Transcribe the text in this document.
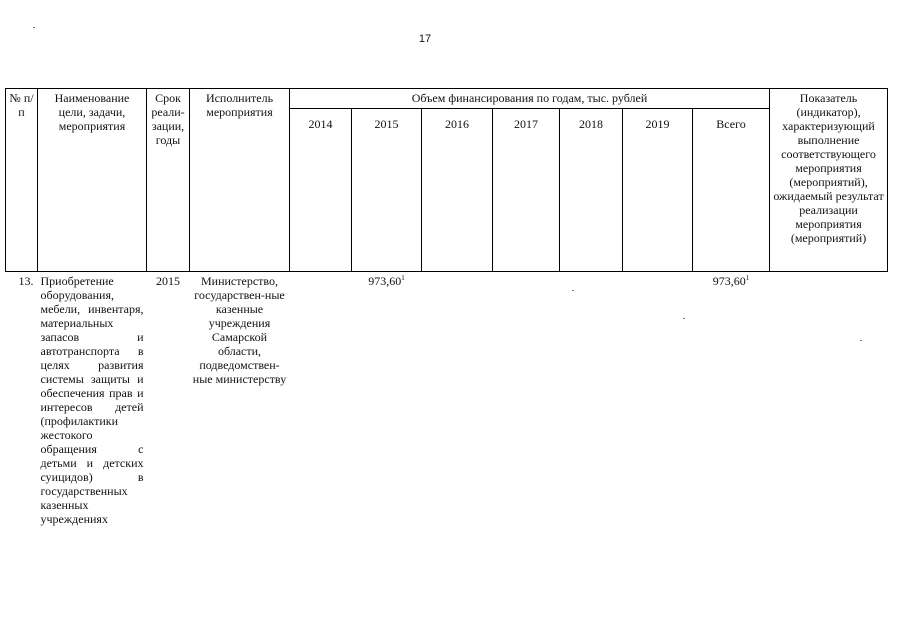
17
№ п/п	Наименование цели, задачи, мероприятия	Срок реали-зации, годы	Исполнитель мероприятия	Объем финансирования по годам, тыс. рублей							Показатель (индикатор), характеризующий выполнение соответствующего мероприятия (мероприятий), ожидаемый результат реализации мероприятия (мероприятий)
				2014	2015	2016	2017	2018	2019	Всего	
13.	Приобретение оборудования, мебели, инвентаря, материальных запасов и автотранспорта в целях развития системы защиты и обеспечения прав и интересов детей (профилактики жестокого обращения с детьми и детских суицидов) в государственных казенных учреждениях	2015	Министерство, государствен-ные казенные учреждения Самарской области, подведомствен-ные министерству		973,60$^1$					973,60$^1$	
